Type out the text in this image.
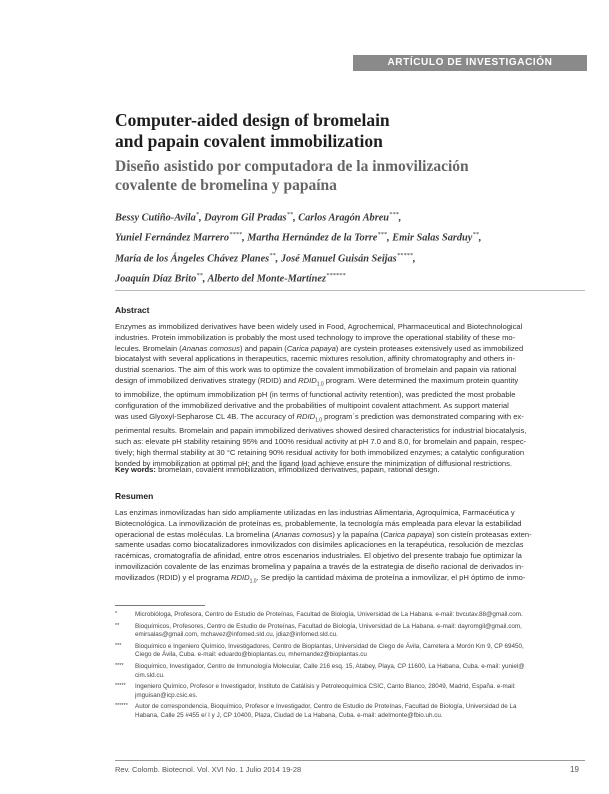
ARTÍCULO DE INVESTIGACIÓN
Computer-aided design of bromelain
and papain covalent immobilization
Diseño asistido por computadora de la inmovilización
covalente de bromelina y papaína
Bessy Cutiño-Avila*, Dayrom Gil Pradas**, Carlos Aragón Abreu***,
Yuniel Fernández Marrero****, Martha Hernández de la Torre***, Emir Salas Sarduy**,
María de los Ángeles Chávez Planes**, José Manuel Guisán Seijas*****,
Joaquín Díaz Brito**, Alberto del Monte-Martínez******
Abstract
Enzymes as immobilized derivatives have been widely used in Food, Agrochemical, Pharmaceutical and Biotechnological
industries. Protein immobilization is probably the most used technology to improve the operational stability of these mo-
lecules. Bromelain (Ananas comosus) and papain (Carica papaya) are cystein proteases extensively used as immobilized
biocatalyst with several applications in therapeutics, racemic mixtures resolution, affinity chromatography and others in-
dustrial scenarios. The aim of this work was to optimize the covalent immobilization of bromelain and papain via rational
design of immobilized derivatives strategy (RDID) and $RDID_{1.0}$ program. Were determined the maximum protein quantity
to immobilize, the optimum immobilization pH (in terms of functional activity retention), was predicted the most probable
configuration of the immobilized derivative and the probabilities of multipoint covalent attachment. As support material
was used Glyoxyl-Sepharose CL 4B. The accuracy of $RDID_{1.0}$ program´s prediction was demonstrated comparing with ex-
perimental results. Bromelain and papain immobilized derivatives showed desired characteristics for industrial biocatalysis,
such as: elevate pH stability retaining 95% and 100% residual activity at pH 7.0 and 8.0, for bromelain and papain, respec-
tively; high thermal stability at 30 °C retaining 90% residual activity for both immobilized enzymes; a catalytic configuration
bonded by immobilization at optimal pH; and the ligand load achieve ensure the minimization of diffusional restrictions.
Key words: bromelain, covalent immobilization, immobilized derivatives, papain, rational design.
Resumen
Las enzimas inmovilizadas han sido ampliamente utilizadas en las industrias Alimentaria, Agroquímica, Farmacéutica y
Biotecnológica. La inmovilización de proteínas es, probablemente, la tecnología más empleada para elevar la estabilidad
operacional de estas moléculas. La bromelina (Ananas comosus) y la papaína (Carica papaya) son cisteín proteasas exten-
samente usadas como biocatalizadores inmovilizados con disímiles aplicaciones en la terapéutica, resolución de mezclas
racémicas, cromatografía de afinidad, entre otros escenarios industriales. El objetivo del presente trabajo fue optimizar la
inmovilización covalente de las enzimas bromelina y papaína a través de la estrategia de diseño racional de derivados in-
movilizados (RDID) y el programa $RDID_{1.0}$. Se predijo la cantidad máxima de proteína a inmovilizar, el pH óptimo de inmo-
*	Microbióloga, Profesora, Centro de Estudio de Proteínas, Facultad de Biología, Universidad de La Habana. e-mail: bvcutav.88@gmail.com.
** Bioquímicos, Profesores, Centro de Estudio de Proteínas, Facultad de Biología, Universidad de La Habana. e-mail: dayromgil@gmail.com,
emirsalas@gmail.com, mchavez@infomed.sld.cu, jdiaz@infomed.sld.cu.
*** Bioquímico e Ingeniero Químico, Investigadores, Centro de Bioplantas, Universidad de Ciego de Ávila, Carretera a Morón Km 9, CP 69450,
Ciego de Ávila, Cuba. e-mail: eduardo@bioplantas.cu, mhernandez@bioplantas.cu
**** Bioquímico, Investigador, Centro de Inmunología Molecular, Calle 216 esq. 15, Atabey, Playa, CP 11600, La Habana, Cuba. e-mail: yuniel@
cim.sld.cu.
***** Ingeniero Químico, Profesor e Investigador, Instituto de Catálisis y Petroleoquímica CSIC, Canto Blanco, 28049, Madrid, España. e-mail:
jmguisan@icp.csic.es.
****** Autor de correspondencia, Bioquímico, Profesor e Investigador, Centro de Estudio de Proteínas, Facultad de Biología, Universidad de La
Habana, Calle 25 #455 e/ I y J, CP 10400, Plaza, Ciudad de La Habana, Cuba. e-mail: adelmonte@fbio.uh.cu.
Rev. Colomb. Biotecnol. Vol. XVI No. 1 Julio 2014 19-28	19
